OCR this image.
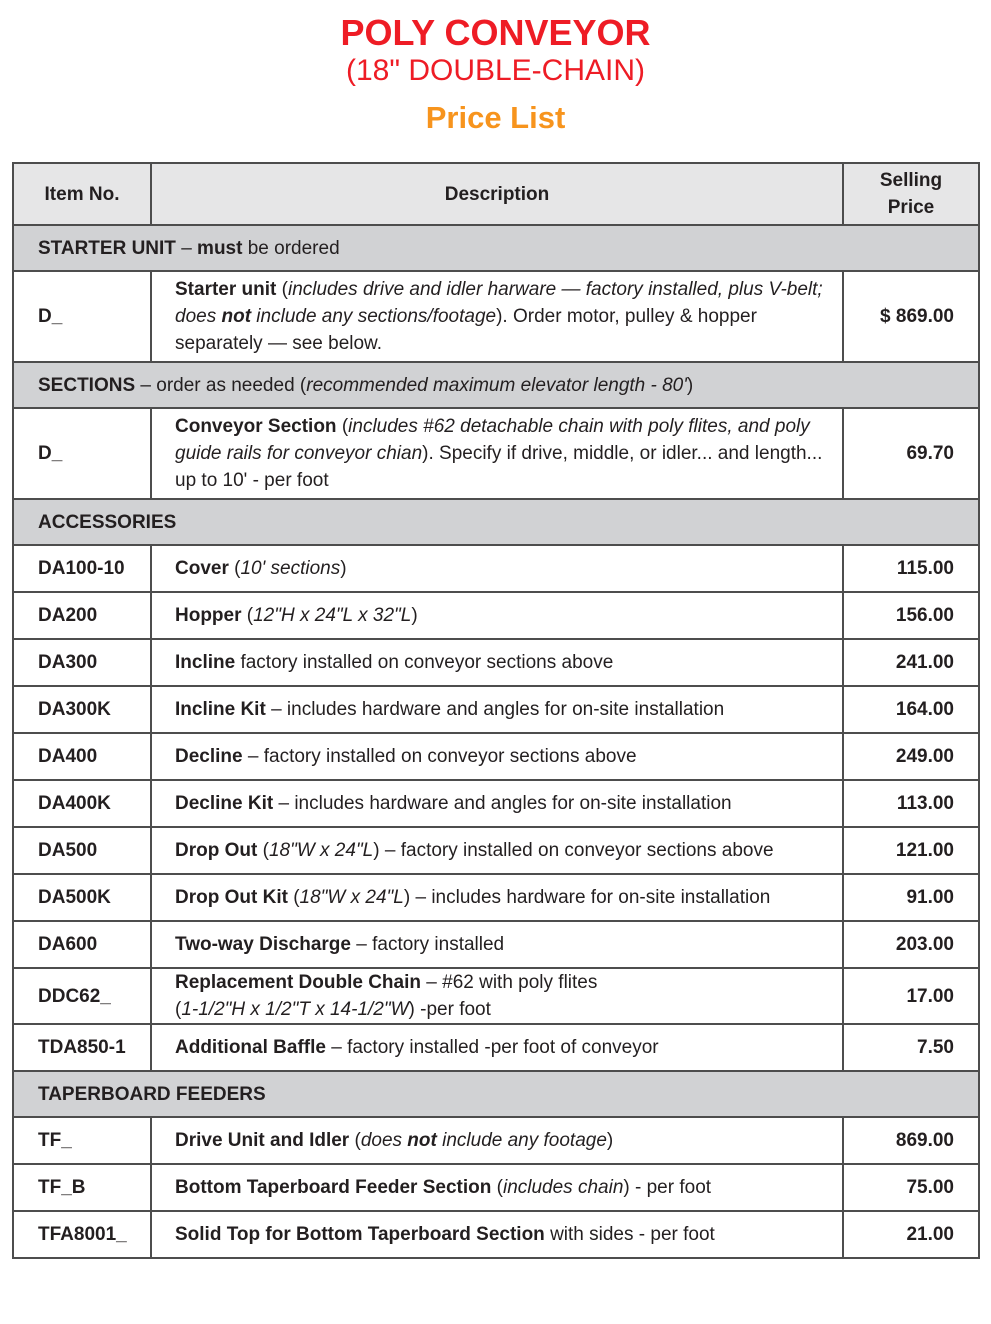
POLY CONVEYOR
(18" DOUBLE-CHAIN)
Price List
Item No.	Description	Selling
Price
STARTER UNIT – must be ordered		
D_	Starter unit (includes drive and idler harware — factory installed, plus V-belt; does not include any sections/footage). Order motor, pulley & hopper separately — see below.	$ 869.00
SECTIONS – order as needed (recommended maximum elevator length - 80')		
D_	Conveyor Section (includes #62 detachable chain with poly flites, and poly guide rails for conveyor chian). Specify if drive, middle, or idler... and length... up to 10' - per foot	69.70
ACCESSORIES		
DA100-10	Cover (10' sections)	115.00
DA200	Hopper (12"H x 24"L x 32"L)	156.00
DA300	Incline factory installed on conveyor sections above	241.00
DA300K	Incline Kit – includes hardware and angles for on-site installation	164.00
DA400	Decline – factory installed on conveyor sections above	249.00
DA400K	Decline Kit – includes hardware and angles for on-site installation	113.00
DA500	Drop Out (18"W x 24"L) – factory installed on conveyor sections above	121.00
DA500K	Drop Out Kit (18"W x 24"L) – includes hardware for on-site installation	91.00
DA600	Two-way Discharge – factory installed	203.00
DDC62_	Replacement Double Chain – #62 with poly flites
(1-1/2"H x 1/2"T x 14-1/2"W) -per foot	17.00
TDA850-1	Additional Baffle – factory installed -per foot of conveyor	7.50
TAPERBOARD FEEDERS		
TF_	Drive Unit and Idler (does not include any footage)	869.00
TF_B	Bottom Taperboard Feeder Section (includes chain) - per foot	75.00
TFA8001_	Solid Top for Bottom Taperboard Section with sides - per foot	21.00
